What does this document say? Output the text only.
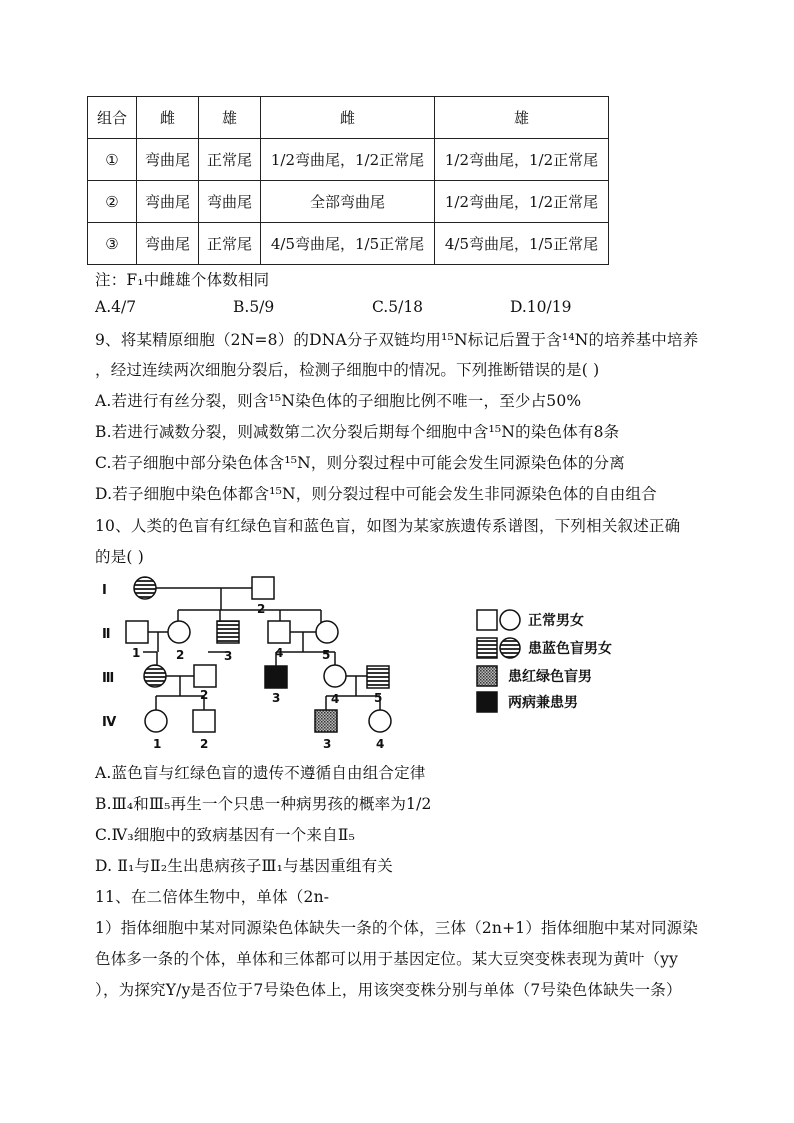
组合	雌	雄	雌	雄
①	弯曲尾	正常尾	1/2弯曲尾，1/2正常尾	1/2弯曲尾，1/2正常尾
②	弯曲尾	弯曲尾	全部弯曲尾	1/2弯曲尾，1/2正常尾
③	弯曲尾	正常尾	4/5弯曲尾，1/5正常尾	4/5弯曲尾，1/5正常尾
注：F₁中雌雄个体数相同
A.4/7	B.5/9	C.5/18	D.10/19
9、将某精原细胞（2N=8）的DNA分子双链均用¹⁵N标记后置于含¹⁴N的培养基中培养
，经过连续两次细胞分裂后，检测子细胞中的情况。下列推断错误的是( )
A.若进行有丝分裂，则含¹⁵N染色体的子细胞比例不唯一，至少占50%
B.若进行减数分裂，则减数第二次分裂后期每个细胞中含¹⁵N的染色体有8条
C.若子细胞中部分染色体含¹⁵N，则分裂过程中可能会发生同源染色体的分离
D.若子细胞中染色体都含¹⁵N，则分裂过程中可能会发生非同源染色体的自由组合
10、人类的色盲有红绿色盲和蓝色盲，如图为某家族遗传系谱图，下列相关叙述正确
的是( )
Ⅰ
Ⅱ
Ⅲ
Ⅳ
2
1	2	3	4	5
2	3	4	5
1	2	3	4
正常男女
患蓝色盲男女
患红绿色盲男
两病兼患男
A.蓝色盲与红绿色盲的遗传不遵循自由组合定律
B.Ⅲ₄和Ⅲ₅再生一个只患一种病男孩的概率为1/2
C.Ⅳ₃细胞中的致病基因有一个来自Ⅱ₅
D. Ⅱ₁与Ⅱ₂生出患病孩子Ⅲ₁与基因重组有关
11、在二倍体生物中，单体（2n-
1）指体细胞中某对同源染色体缺失一条的个体，三体（2n+1）指体细胞中某对同源染
色体多一条的个体，单体和三体都可以用于基因定位。某大豆突变株表现为黄叶（yy
），为探究Y/y是否位于7号染色体上，用该突变株分别与单体（7号染色体缺失一条）
